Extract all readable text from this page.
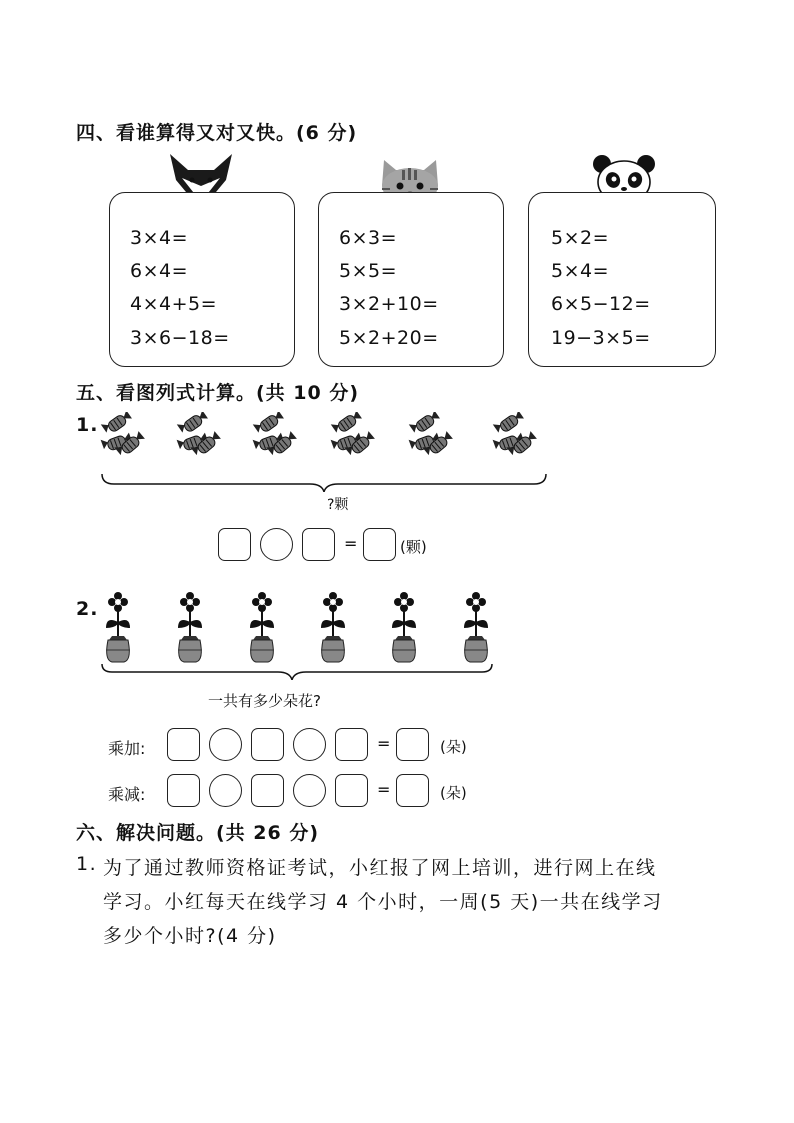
四、看谁算得又对又快。(6 分)
3×4=
6×4=
4×4+5=
3×6−18=
6×3=
5×5=
3×2+10=
5×2+20=
5×2=
5×4=
6×5−12=
19−3×5=
五、看图列式计算。(共 10 分)
1.
?颗
=	(颗)
2.
一共有多少朵花?
乘加:	=	(朵)
乘减:	=	(朵)
六、解决问题。(共 26 分)
1. 为了通过教师资格证考试，小红报了网上培训，进行网上在线
学习。小红每天在线学习 4 个小时，一周(5 天)一共在线学习
多少个小时?(4 分)
